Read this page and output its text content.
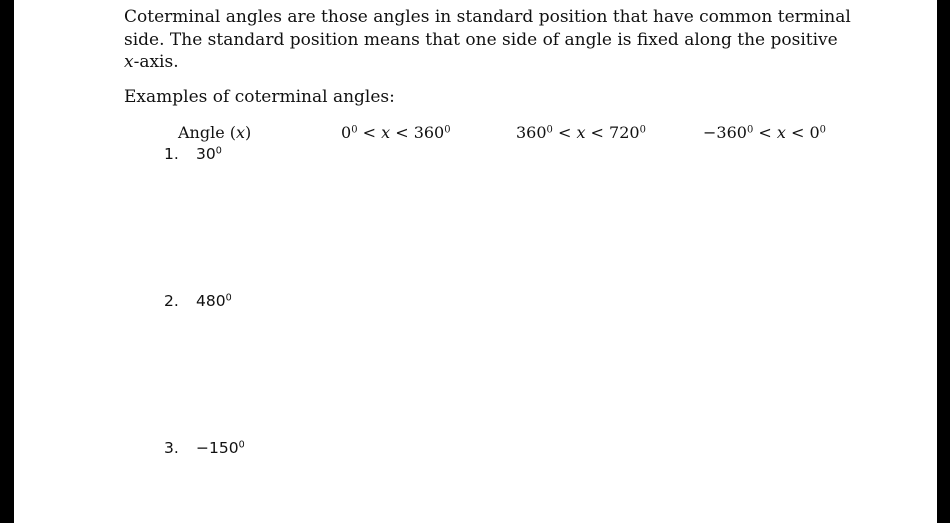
Coterminal angles are those angles in standard position that have common terminal
side. The standard position means that one side of angle is fixed along the positive
x-axis.
Examples of coterminal angles:
Angle (x)	$0^0 < x < 360^0$	$360^0 < x < 720^0$	$-360^0 < x < 0^0$
1. $30^0$
2. $480^0$
3. $-150^0$
